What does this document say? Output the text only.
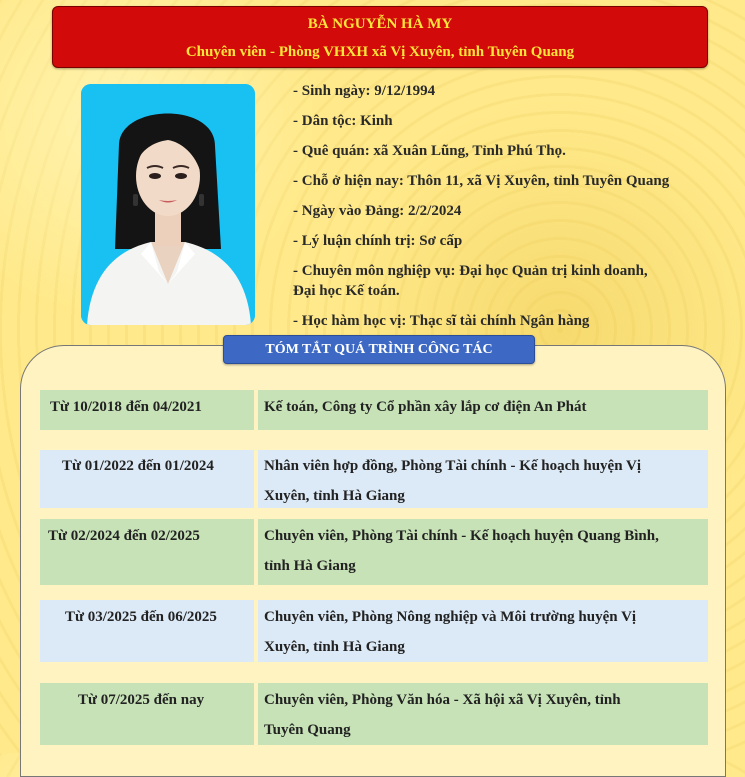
BÀ NGUYỄN HÀ MY
Chuyên viên - Phòng VHXH xã Vị Xuyên, tỉnh Tuyên Quang
- Sinh ngày: 9/12/1994
- Dân tộc: Kinh
- Quê quán: xã Xuân Lũng, Tỉnh Phú Thọ.
- Chỗ ở hiện nay: Thôn 11, xã Vị Xuyên, tỉnh Tuyên Quang
- Ngày vào Đảng: 2/2/2024
- Lý luận chính trị: Sơ cấp
- Chuyên môn nghiệp vụ: Đại học Quản trị kinh doanh,
Đại học Kế toán.
- Học hàm học vị: Thạc sĩ tài chính Ngân hàng
TÓM TẮT QUÁ TRÌNH CÔNG TÁC
Từ 10/2018 đến 04/2021	Kế toán, Công ty Cổ phần xây lắp cơ điện An Phát
Từ 01/2022 đến 01/2024	Nhân viên hợp đồng, Phòng Tài chính - Kế hoạch huyện Vị
Xuyên, tỉnh Hà Giang
Từ 02/2024 đến 02/2025	Chuyên viên, Phòng Tài chính - Kế hoạch huyện Quang Bình,
tỉnh Hà Giang
Từ 03/2025 đến 06/2025	Chuyên viên, Phòng Nông nghiệp và Môi trường huyện Vị
Xuyên, tỉnh Hà Giang
Từ 07/2025 đến nay	Chuyên viên, Phòng Văn hóa - Xã hội xã Vị Xuyên, tỉnh
Tuyên Quang
